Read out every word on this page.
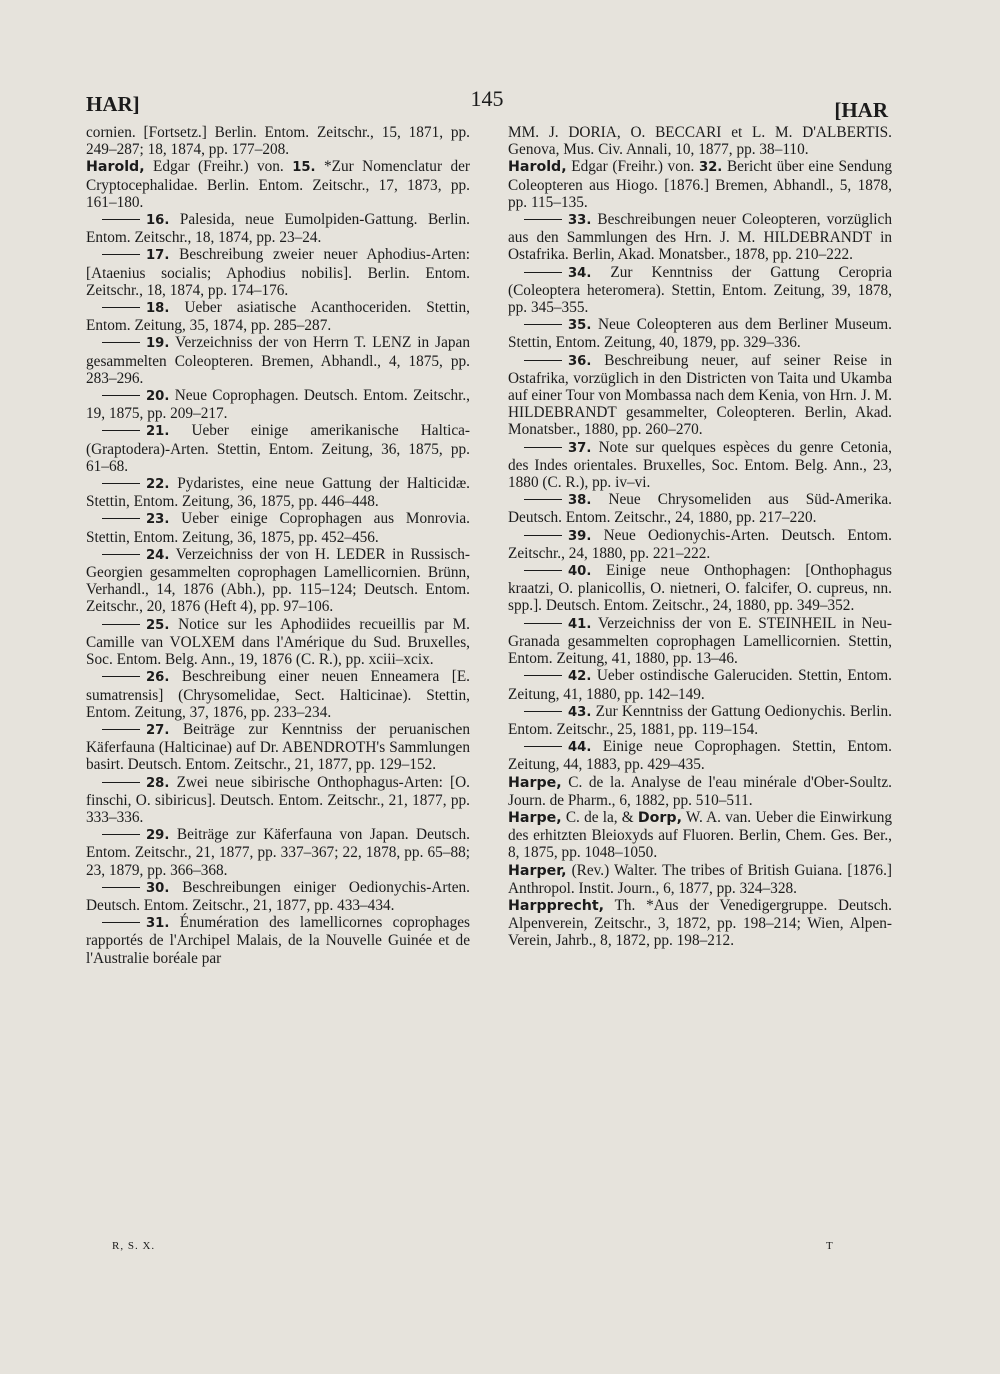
HAR]	145	[HAR

cornien. [Fortsetz.] Berlin. Entom. Zeitschr., 15, 1871, pp. 249–287; 18, 1874, pp. 177–208.

Harold, Edgar (Freihr.) von. 15. *Zur Nomenclatur der Cryptocephalidae. Berlin. Entom. Zeitschr., 17, 1873, pp. 161–180.

16. Palesida, neue Eumolpiden-Gattung. Berlin. Entom. Zeitschr., 18, 1874, pp. 23–24.

17. Beschreibung zweier neuer Aphodius-Arten: [Ataenius socialis; Aphodius nobilis]. Berlin. Entom. Zeitschr., 18, 1874, pp. 174–176.

18. Ueber asiatische Acanthoceriden. Stettin, Entom. Zeitung, 35, 1874, pp. 285–287.

19. Verzeichniss der von Herrn T. LENZ in Japan gesammelten Coleopteren. Bremen, Abhandl., 4, 1875, pp. 283–296.

20. Neue Coprophagen. Deutsch. Entom. Zeitschr., 19, 1875, pp. 209–217.

21. Ueber einige amerikanische Haltica-(Graptodera)-Arten. Stettin, Entom. Zeitung, 36, 1875, pp. 61–68.

22. Pydaristes, eine neue Gattung der Halticidæ. Stettin, Entom. Zeitung, 36, 1875, pp. 446–448.

23. Ueber einige Coprophagen aus Monrovia. Stettin, Entom. Zeitung, 36, 1875, pp. 452–456.

24. Verzeichniss der von H. LEDER in Russisch-Georgien gesammelten coprophagen Lamellicornien. Brünn, Verhandl., 14, 1876 (Abh.), pp. 115–124; Deutsch. Entom. Zeitschr., 20, 1876 (Heft 4), pp. 97–106.

25. Notice sur les Aphodiides recueillis par M. Camille van VOLXEM dans l'Amérique du Sud. Bruxelles, Soc. Entom. Belg. Ann., 19, 1876 (C. R.), pp. xciii–xcix.

26. Beschreibung einer neuen Enneamera [E. sumatrensis] (Chrysomelidae, Sect. Halticinae). Stettin, Entom. Zeitung, 37, 1876, pp. 233–234.

27. Beiträge zur Kenntniss der peruanischen Käferfauna (Halticinae) auf Dr. ABENDROTH's Sammlungen basirt. Deutsch. Entom. Zeitschr., 21, 1877, pp. 129–152.

28. Zwei neue sibirische Onthophagus-Arten: [O. finschi, O. sibiricus]. Deutsch. Entom. Zeitschr., 21, 1877, pp. 333–336.

29. Beiträge zur Käferfauna von Japan. Deutsch. Entom. Zeitschr., 21, 1877, pp. 337–367; 22, 1878, pp. 65–88; 23, 1879, pp. 366–368.

30. Beschreibungen einiger Oedionychis-Arten. Deutsch. Entom. Zeitschr., 21, 1877, pp. 433–434.

31. Énumération des lamellicornes coprophages rapportés de l'Archipel Malais, de la Nouvelle Guinée et de l'Australie boréale par

MM. J. DORIA, O. BECCARI et L. M. D'ALBERTIS. Genova, Mus. Civ. Annali, 10, 1877, pp. 38–110.

Harold, Edgar (Freihr.) von. 32. Bericht über eine Sendung Coleopteren aus Hiogo. [1876.] Bremen, Abhandl., 5, 1878, pp. 115–135.

33. Beschreibungen neuer Coleopteren, vorzüglich aus den Sammlungen des Hrn. J. M. HILDEBRANDT in Ostafrika. Berlin, Akad. Monatsber., 1878, pp. 210–222.

34. Zur Kenntniss der Gattung Ceropria (Coleoptera heteromera). Stettin, Entom. Zeitung, 39, 1878, pp. 345–355.

35. Neue Coleopteren aus dem Berliner Museum. Stettin, Entom. Zeitung, 40, 1879, pp. 329–336.

36. Beschreibung neuer, auf seiner Reise in Ostafrika, vorzüglich in den Districten von Taita und Ukamba auf einer Tour von Mombassa nach dem Kenia, von Hrn. J. M. HILDEBRANDT gesammelter, Coleopteren. Berlin, Akad. Monatsber., 1880, pp. 260–270.

37. Note sur quelques espèces du genre Cetonia, des Indes orientales. Bruxelles, Soc. Entom. Belg. Ann., 23, 1880 (C. R.), pp. iv–vi.

38. Neue Chrysomeliden aus Süd-Amerika. Deutsch. Entom. Zeitschr., 24, 1880, pp. 217–220.

39. Neue Oedionychis-Arten. Deutsch. Entom. Zeitschr., 24, 1880, pp. 221–222.

40. Einige neue Onthophagen: [Onthophagus kraatzi, O. planicollis, O. nietneri, O. falcifer, O. cupreus, nn. spp.]. Deutsch. Entom. Zeitschr., 24, 1880, pp. 349–352.

41. Verzeichniss der von E. STEINHEIL in Neu-Granada gesammelten coprophagen Lamellicornien. Stettin, Entom. Zeitung, 41, 1880, pp. 13–46.

42. Ueber ostindische Galeruciden. Stettin, Entom. Zeitung, 41, 1880, pp. 142–149.

43. Zur Kenntniss der Gattung Oedionychis. Berlin. Entom. Zeitschr., 25, 1881, pp. 119–154.

44. Einige neue Coprophagen. Stettin, Entom. Zeitung, 44, 1883, pp. 429–435.

Harpe, C. de la. Analyse de l'eau minérale d'Ober-Soultz. Journ. de Pharm., 6, 1882, pp. 510–511.

Harpe, C. de la, & Dorp, W. A. van. Ueber die Einwirkung des erhitzten Bleioxyds auf Fluoren. Berlin, Chem. Ges. Ber., 8, 1875, pp. 1048–1050.

Harper, (Rev.) Walter. The tribes of British Guiana. [1876.] Anthropol. Instit. Journ., 6, 1877, pp. 324–328.

Harpprecht, Th. *Aus der Venedigergruppe. Deutsch. Alpenverein, Zeitschr., 3, 1872, pp. 198–214; Wien, Alpen-Verein, Jahrb., 8, 1872, pp. 198–212.

R, S. X.	T
